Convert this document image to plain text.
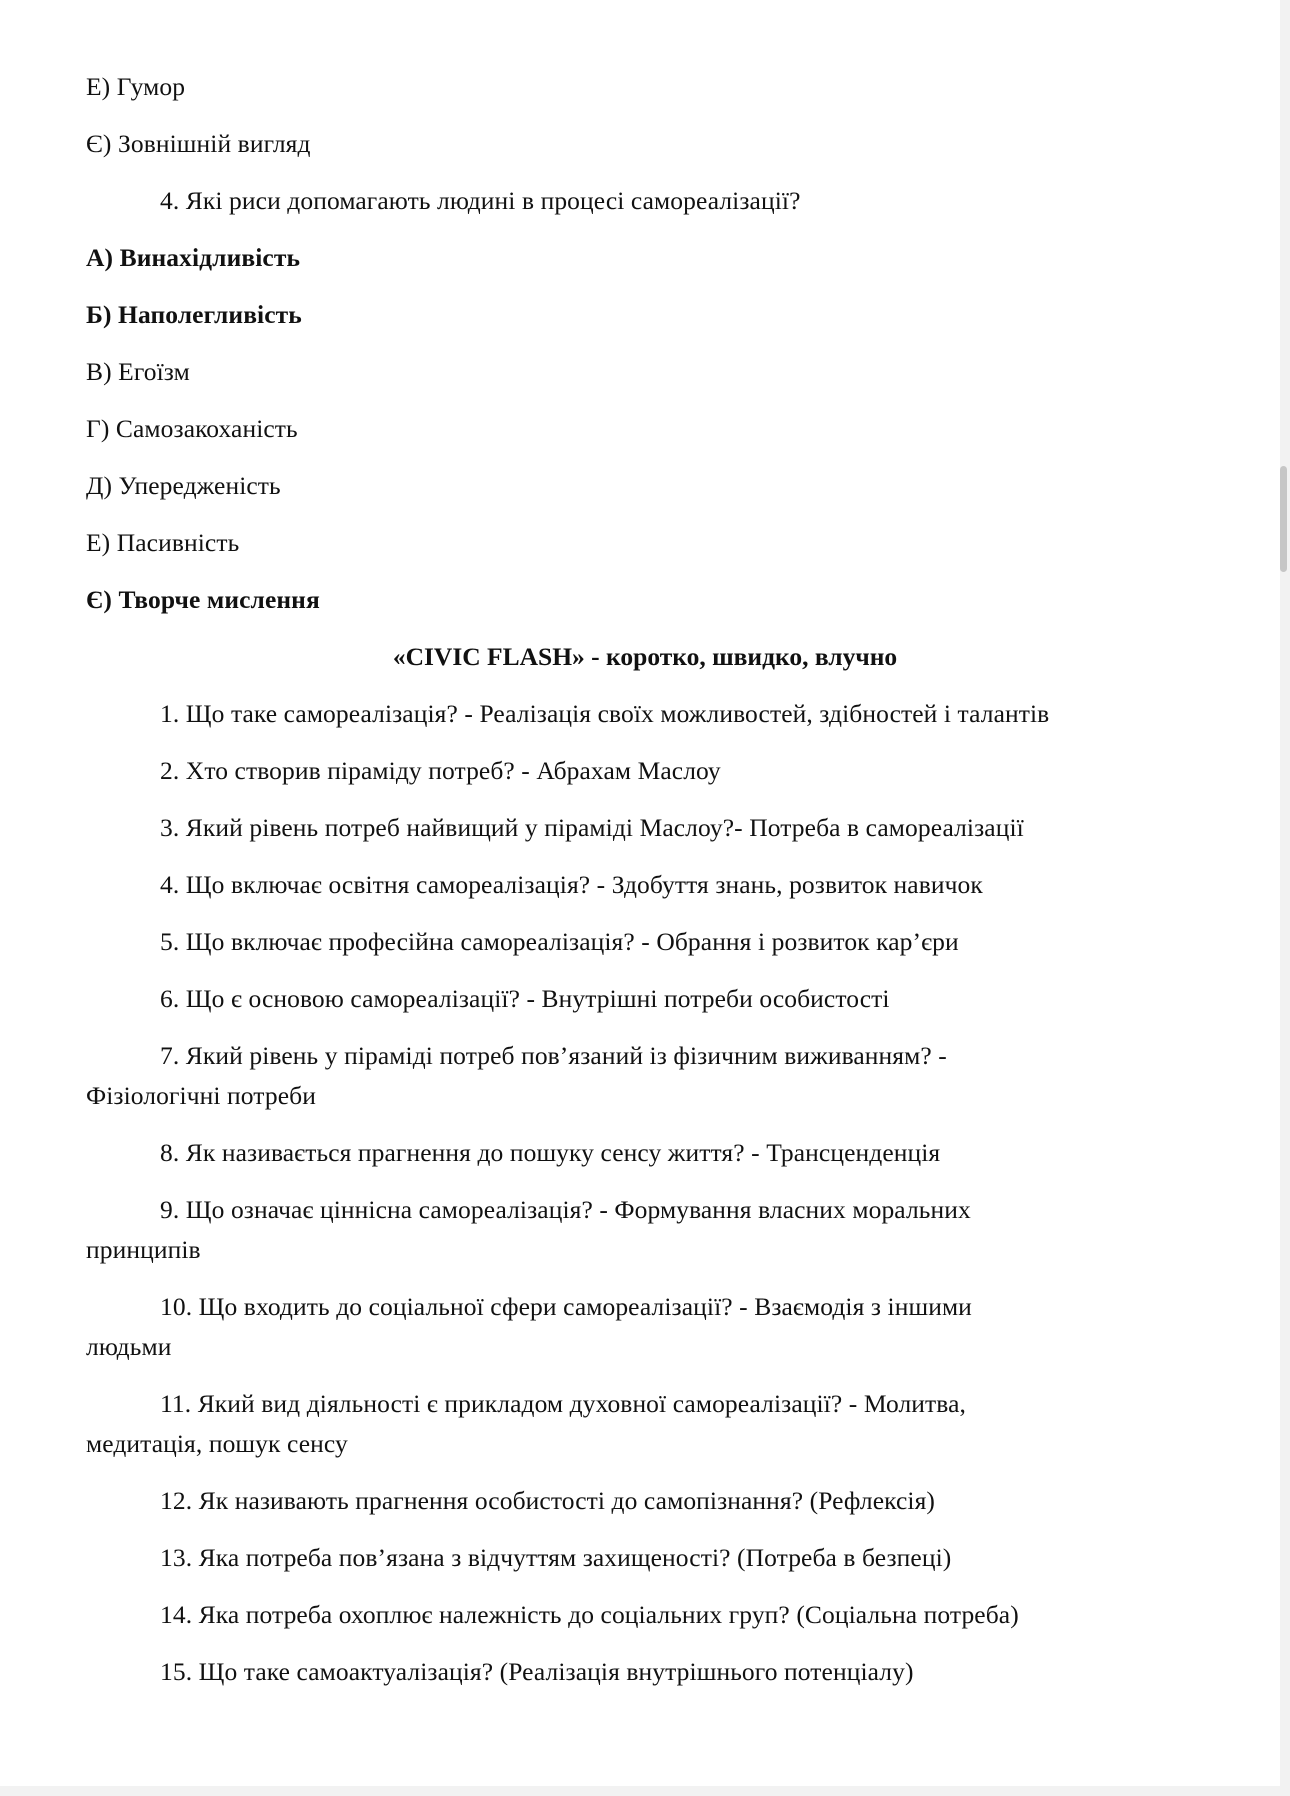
Е) Гумор
Є) Зовнішній вигляд
4. Які риси допомагають людині в процесі самореалізації?
А) Винахідливість
Б) Наполегливість
В) Егоїзм
Г) Самозакоханість
Д) Упередженість
Е) Пасивність
Є) Творче мислення
«CIVIC FLASH» - коротко, швидко, влучно
1. Що таке самореалізація? - Реалізація своїх можливостей, здібностей і талантів
2. Хто створив піраміду потреб? - Абрахам Маслоу
3. Який рівень потреб найвищий у піраміді Маслоу?- Потреба в самореалізації
4. Що включає освітня самореалізація? - Здобуття знань, розвиток навичок
5. Що включає професійна самореалізація? - Обрання і розвиток кар’єри
6. Що є основою самореалізації? - Внутрішні потреби особистості
7. Який рівень у піраміді потреб пов’язаний із фізичним виживанням? -
Фізіологічні потреби
8. Як називається прагнення до пошуку сенсу життя? - Трансценденція
9. Що означає ціннісна самореалізація? - Формування власних моральних
принципів
10. Що входить до соціальної сфери самореалізації? - Взаємодія з іншими
людьми
11. Який вид діяльності є прикладом духовної самореалізації? - Молитва,
медитація, пошук сенсу
12. Як називають прагнення особистості до самопізнання? (Рефлексія)
13. Яка потреба пов’язана з відчуттям захищеності? (Потреба в безпеці)
14. Яка потреба охоплює належність до соціальних груп? (Соціальна потреба)
15. Що таке самоактуалізація? (Реалізація внутрішнього потенціалу)
